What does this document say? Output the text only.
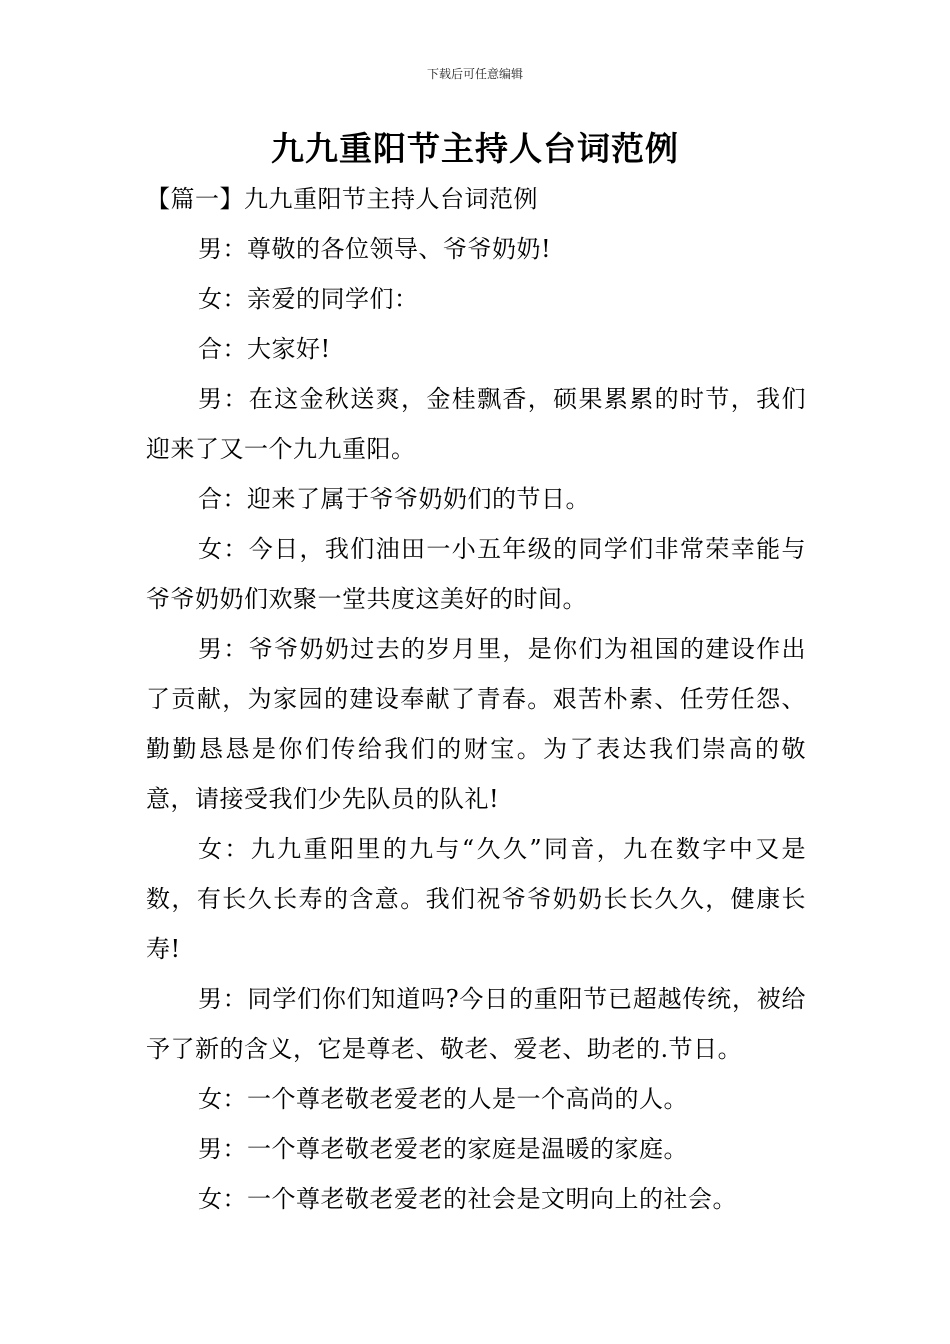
下载后可任意编辑
九九重阳节主持人台词范例

【篇一】九九重阳节主持人台词范例

男：尊敬的各位领导、爷爷奶奶!

女：亲爱的同学们：

合：大家好!

男：在这金秋送爽，金桂飘香，硕果累累的时节，我们迎来了又一个九九重阳。

合：迎来了属于爷爷奶奶们的节日。

女：今日，我们油田一小五年级的同学们非常荣幸能与爷爷奶奶们欢聚一堂共度这美好的时间。

男：爷爷奶奶过去的岁月里，是你们为祖国的建设作出了贡献，为家园的建设奉献了青春。艰苦朴素、任劳任怨、勤勤恳恳是你们传给我们的财宝。为了表达我们崇高的敬意，请接受我们少先队员的队礼!

女：九九重阳里的九与“久久”同音，九在数字中又是数，有长久长寿的含意。我们祝爷爷奶奶长长久久，健康长寿!

男：同学们你们知道吗?今日的重阳节已超越传统，被给予了新的含义，它是尊老、敬老、爱老、助老的.节日。

女：一个尊老敬老爱老的人是一个高尚的人。

男：一个尊老敬老爱老的家庭是温暖的家庭。

女：一个尊老敬老爱老的社会是文明向上的社会。
